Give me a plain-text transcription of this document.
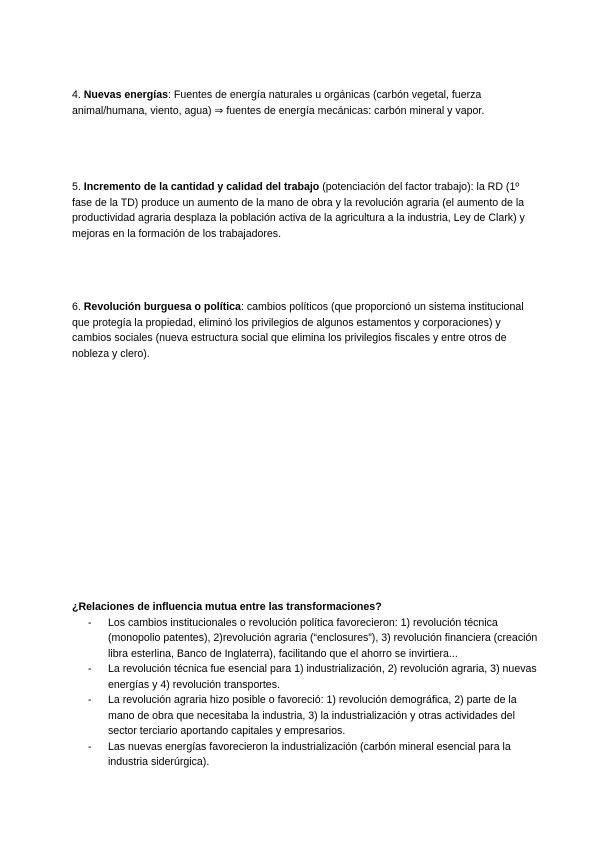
4. Nuevas energías: Fuentes de energía naturales u orgánicas (carbón vegetal, fuerza animal/humana, viento, agua) ⇒ fuentes de energía mecánicas: carbón mineral y vapor.

5. Incremento de la cantidad y calidad del trabajo (potenciación del factor trabajo): la RD (1º fase de la TD) produce un aumento de la mano de obra y la revolución agraria (el aumento de la productividad agraria desplaza la población activa de la agricultura a la industria, Ley de Clark) y mejoras en la formación de los trabajadores.

6. Revolución burguesa o política: cambios políticos (que proporcionó un sistema institucional que protegía la propiedad, eliminó los privilegios de algunos estamentos y corporaciones) y cambios sociales (nueva estructura social que elimina los privilegios fiscales y entre otros de nobleza y clero).

¿Relaciones de influencia mutua entre las transformaciones?

- Los cambios institucionales o revolución política favorecieron: 1) revolución técnica (monopolio patentes), 2)revolución agraria (“enclosures”), 3) revolución financiera (creación libra esterlina, Banco de Inglaterra), facilitando que el ahorro se invirtiera...
- La revolución técnica fue esencial para 1) industrialización, 2) revolución agraria, 3) nuevas energías y 4) revolución transportes.
- La revolución agraria hizo posible o favoreció: 1) revolución demográfica, 2) parte de la mano de obra que necesitaba la industria, 3) la industrialización y otras actividades del sector terciario aportando capitales y empresarios.
- Las nuevas energías favorecieron la industrialización (carbón mineral esencial para la industria siderúrgica).
